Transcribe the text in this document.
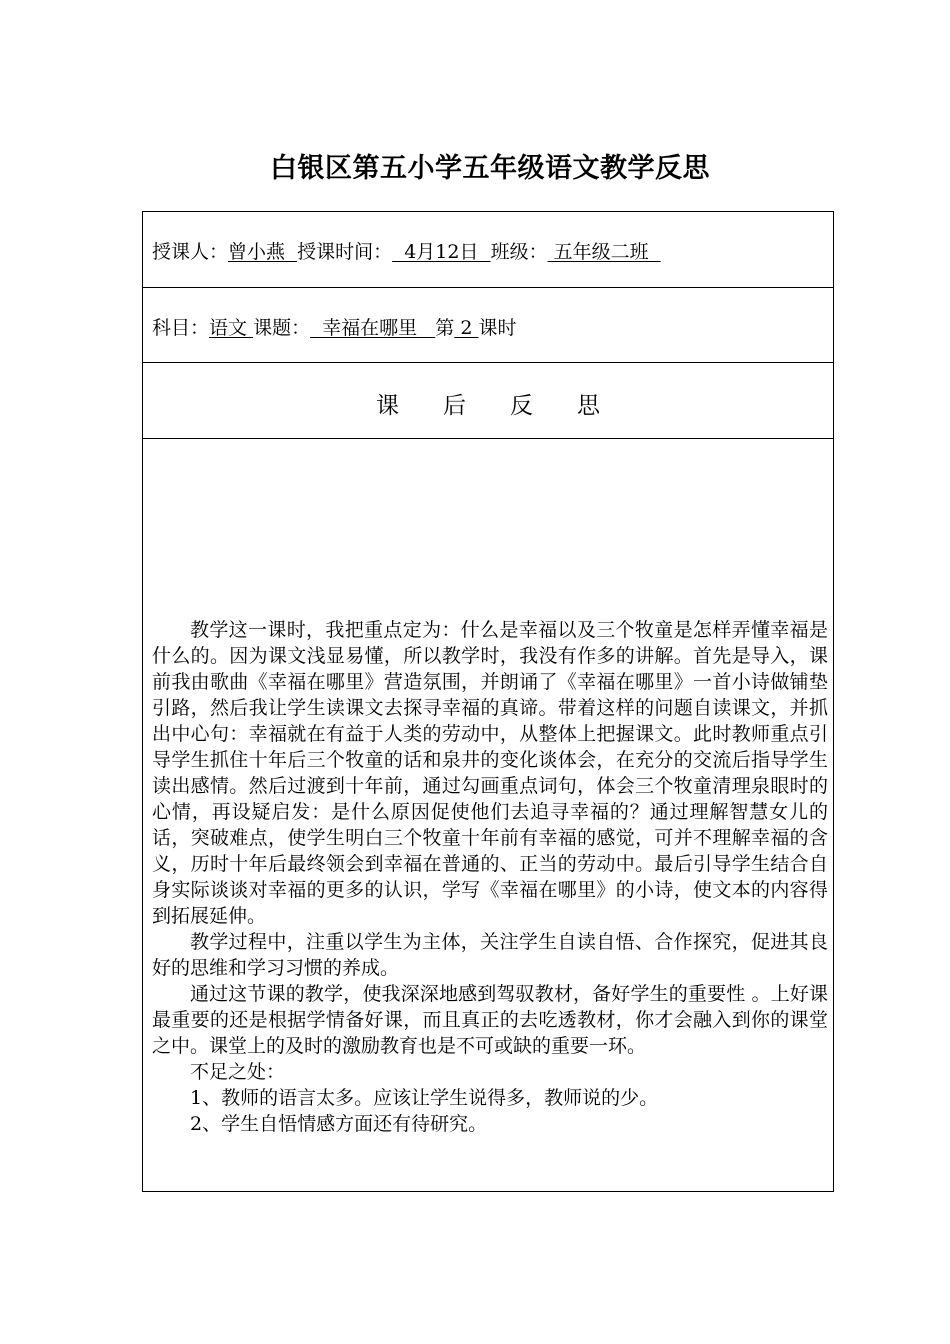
白银区第五小学五年级语文教学反思
授课人：曾小燕  授课时间：  4月12日  班级： 五年级二班
科目：语文 课题：  幸福在哪里   第 2 课时
课后反思

教学这一课时，我把重点定为：什么是幸福以及三个牧童是怎样弄懂幸福是什么的。因为课文浅显易懂，所以教学时，我没有作多的讲解。首先是导入，课前我由歌曲《幸福在哪里》营造氛围，并朗诵了《幸福在哪里》一首小诗做铺垫引路，然后我让学生读课文去探寻幸福的真谛。带着这样的问题自读课文，并抓出中心句：幸福就在有益于人类的劳动中，从整体上把握课文。此时教师重点引导学生抓住十年后三个牧童的话和泉井的变化谈体会，在充分的交流后指导学生读出感情。然后过渡到十年前，通过勾画重点词句，体会三个牧童清理泉眼时的心情，再设疑启发：是什么原因促使他们去追寻幸福的？通过理解智慧女儿的话，突破难点，使学生明白三个牧童十年前有幸福的感觉，可并不理解幸福的含义，历时十年后最终领会到幸福在普通的、正当的劳动中。最后引导学生结合自身实际谈谈对幸福的更多的认识，学写《幸福在哪里》的小诗，使文本的内容得到拓展延伸。

教学过程中，注重以学生为主体，关注学生自读自悟、合作探究，促进其良好的思维和学习习惯的养成。

通过这节课的教学，使我深深地感到驾驭教材，备好学生的重要性 。上好课最重要的还是根据学情备好课，而且真正的去吃透教材，你才会融入到你的课堂之中。课堂上的及时的激励教育也是不可或缺的重要一环。

不足之处：

1、教师的语言太多。应该让学生说得多，教师说的少。

2、学生自悟情感方面还有待研究。
